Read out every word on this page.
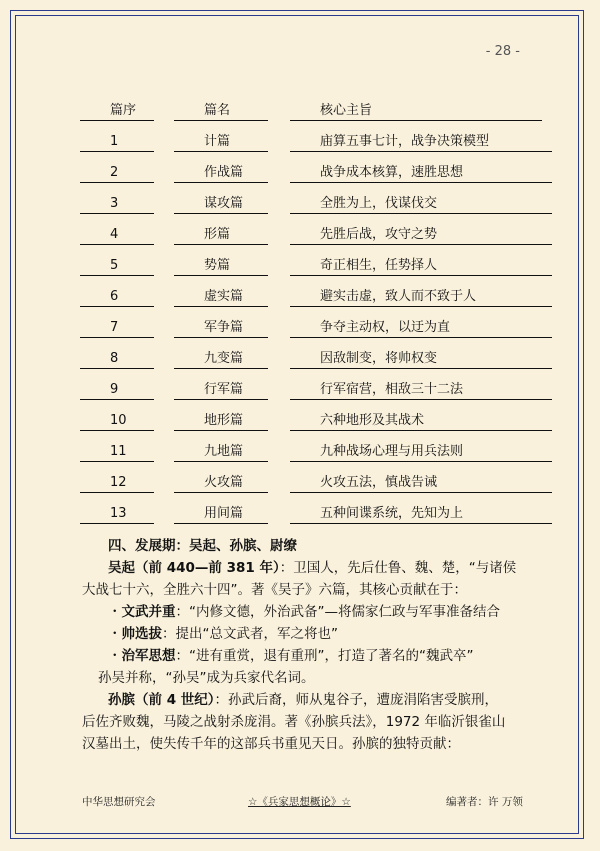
- 28 -
篇序	篇名	核心主旨
1	计篇	庙算五事七计，战争决策模型
2	作战篇	战争成本核算，速胜思想
3	谋攻篇	全胜为上，伐谋伐交
4	形篇	先胜后战，攻守之势
5	势篇	奇正相生，任势择人
6	虚实篇	避实击虚，致人而不致于人
7	军争篇	争夺主动权，以迂为直
8	九变篇	因敌制变，将帅权变
9	行军篇	行军宿营，相敌三十二法
10	地形篇	六种地形及其战术
11	九地篇	九种战场心理与用兵法则
12	火攻篇	火攻五法，慎战告诫
13	用间篇	五种间谍系统，先知为上
四、发展期：吴起、孙膑、尉缭
吴起（前 440—前 381 年）：卫国人，先后仕鲁、魏、楚，“与诸侯
大战七十六，全胜六十四”。著《吴子》六篇，其核心贡献在于：
・文武并重：“内修文德，外治武备”—将儒家仁政与军事准备结合
・帅选拔：提出“总文武者，军之将也”
・治军思想：“进有重赏，退有重刑”，打造了著名的“魏武卒”
孙吴并称，“孙吴”成为兵家代名词。
孙膑（前 4 世纪）：孙武后裔，师从鬼谷子，遭庞涓陷害受膑刑，
后佐齐败魏，马陵之战射杀庞涓。著《孙膑兵法》，1972 年临沂银雀山
汉墓出土，使失传千年的这部兵书重见天日。孙膑的独特贡献：
中华思想研究会	☆《兵家思想概论》☆	编著者：许 万领
